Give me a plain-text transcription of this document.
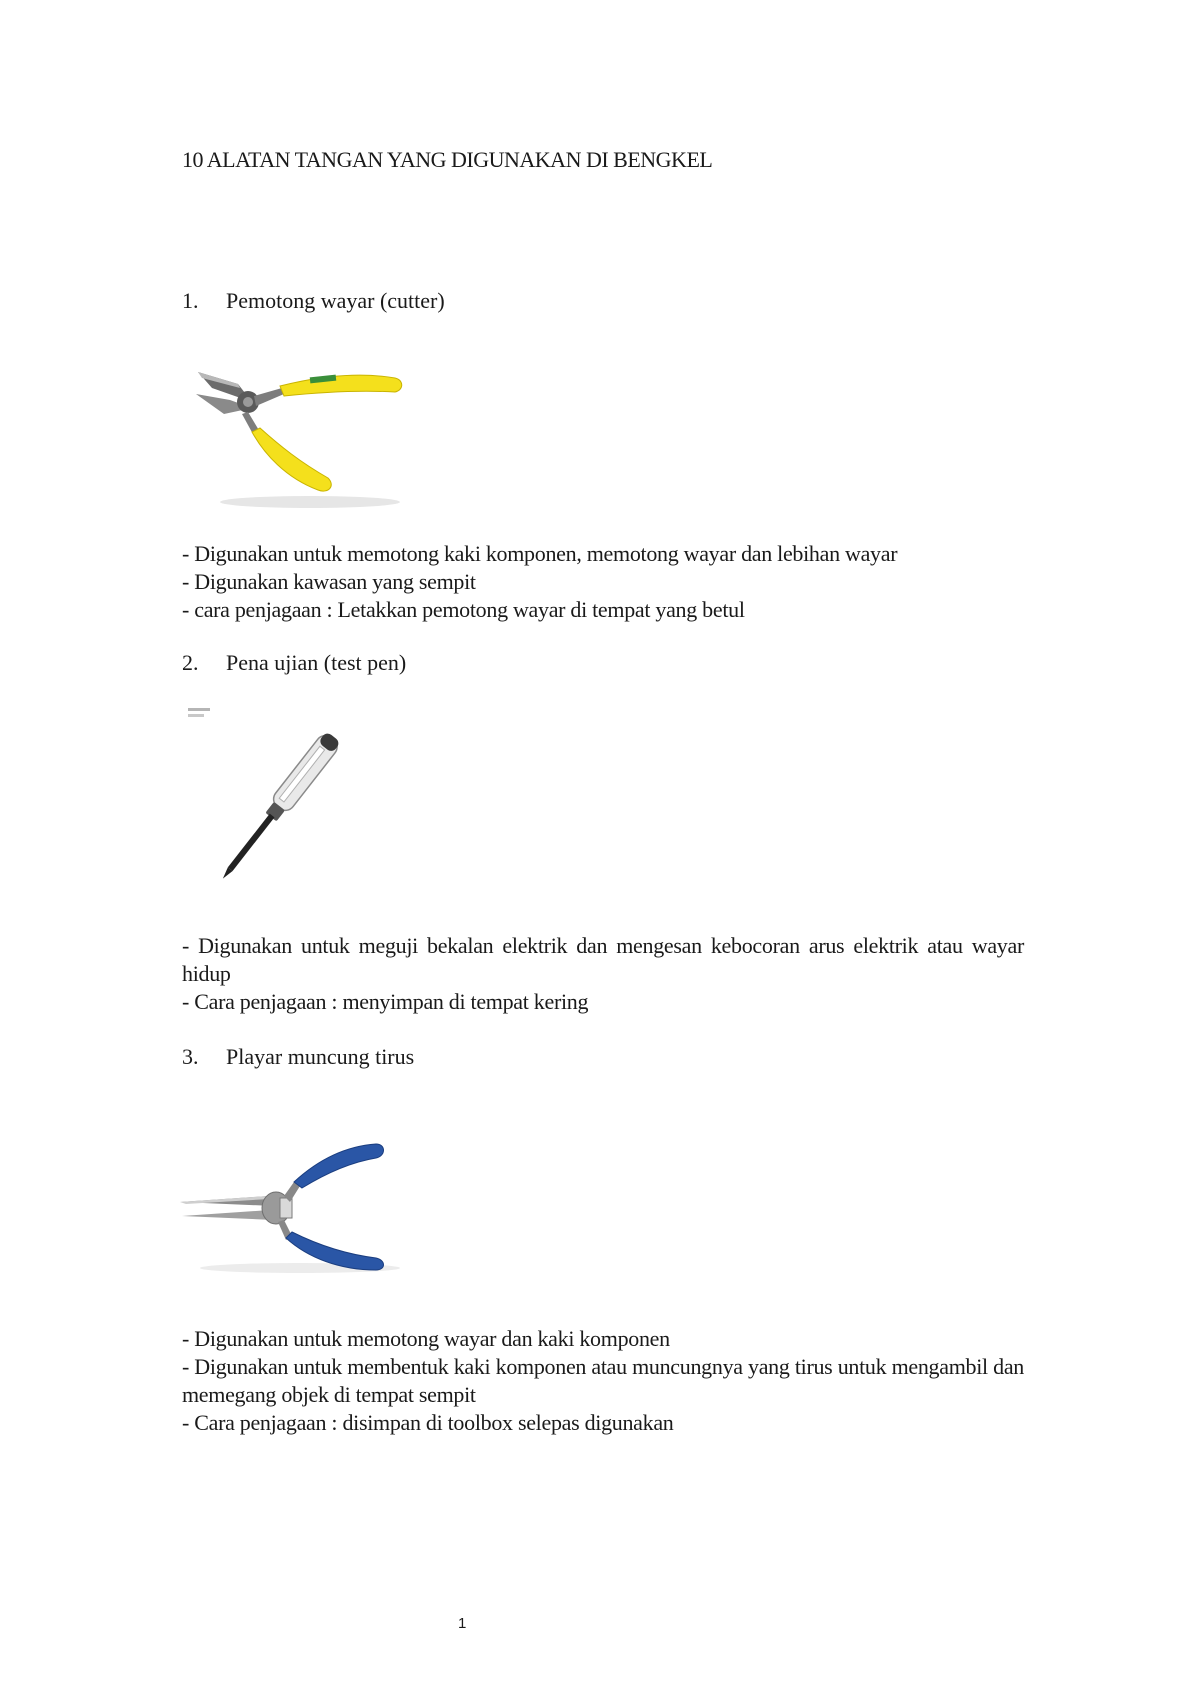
10 ALATAN TANGAN YANG DIGUNAKAN DI BENGKEL
1. Pemotong wayar (cutter)

- Digunakan untuk memotong kaki komponen, memotong wayar dan lebihan wayar

- Digunakan kawasan yang sempit

- cara penjagaan : Letakkan pemotong wayar di tempat yang betul

2. Pena ujian (test pen)

- Digunakan untuk meguji bekalan elektrik dan mengesan kebocoran arus elektrik atau wayar hidup

- Cara penjagaan : menyimpan di tempat kering

3. Playar muncung tirus

- Digunakan untuk memotong wayar dan kaki komponen

- Digunakan untuk membentuk kaki komponen atau muncungnya yang tirus untuk mengambil dan memegang objek di tempat sempit

- Cara penjagaan : disimpan di toolbox selepas digunakan

1
